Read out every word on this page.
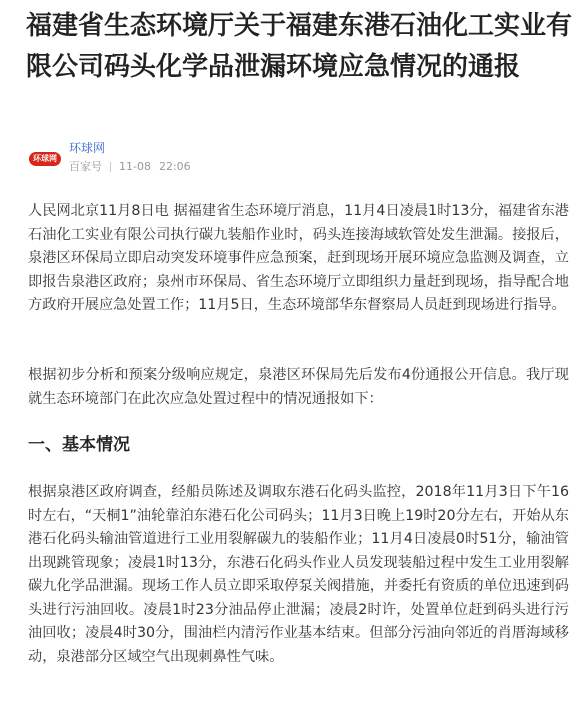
福建省生态环境厅关于福建东港石油化工实业有限公司码头化学品泄漏环境应急情况的通报
环球网
环球网
百家号 11-08 22:06

人民网北京11月8日电 据福建省生态环境厅消息，11月4日凌晨1时13分，福建省东港石油化工实业有限公司执行碳九装船作业时，码头连接海域软管处发生泄漏。接报后，泉港区环保局立即启动突发环境事件应急预案，赶到现场开展环境应急监测及调查，立即报告泉港区政府；泉州市环保局、省生态环境厅立即组织力量赶到现场，指导配合地方政府开展应急处置工作；11月5日，生态环境部华东督察局人员赶到现场进行指导。

根据初步分析和预案分级响应规定，泉港区环保局先后发布4份通报公开信息。我厅现就生态环境部门在此次应急处置过程中的情况通报如下：

一、基本情况

根据泉港区政府调查，经船员陈述及调取东港石化码头监控，2018年11月3日下午16时左右，“天桐1”油轮靠泊东港石化公司码头；11月3日晚上19时20分左右，开始从东港石化码头输油管道进行工业用裂解碳九的装船作业；11月4日凌晨0时51分，输油管出现跳管现象；凌晨1时13分，东港石化码头作业人员发现装船过程中发生工业用裂解碳九化学品泄漏。现场工作人员立即采取停泵关阀措施，并委托有资质的单位迅速到码头进行污油回收。凌晨1时23分油品停止泄漏；凌晨2时许，处置单位赶到码头进行污油回收；凌晨4时30分，围油栏内清污作业基本结束。但部分污油向邻近的肖厝海域移动，泉港部分区域空气出现刺鼻性气味。
